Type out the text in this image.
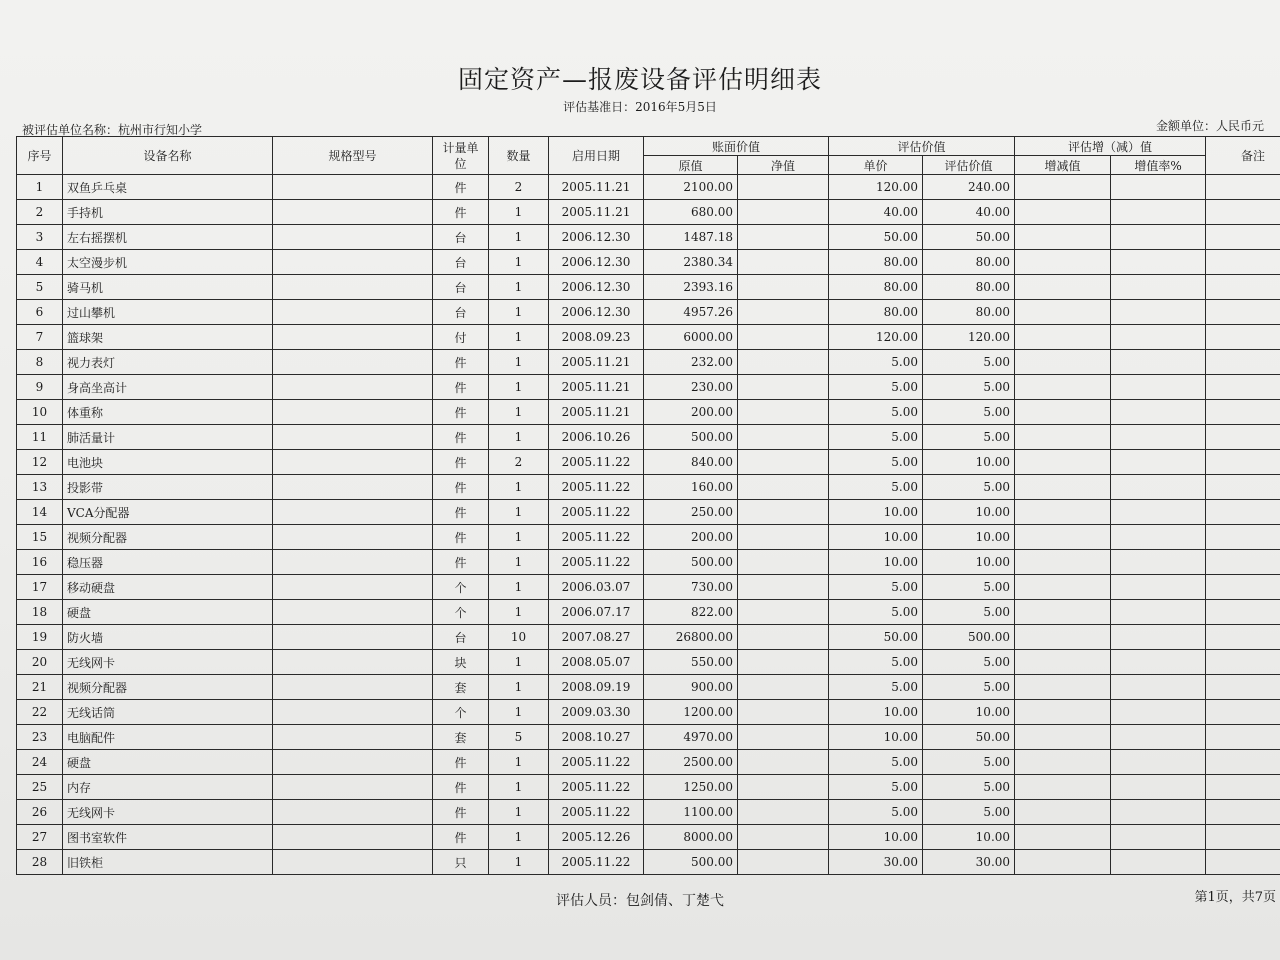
固定资产—报废设备评估明细表
评估基准日：2016年5月5日
被评估单位名称：杭州市行知小学	金额单位：人民币元
序号	设备名称	规格型号	计量单位	数量	启用日期	账面价值		评估价值		评估增（减）值		备注
						原值	净值	单价	评估价值	增减值	增值率%	
1	双鱼乒乓桌		件	2	2005.11.21	2100.00		120.00	240.00			
2	手持机		件	1	2005.11.21	680.00		40.00	40.00			
3	左右摇摆机		台	1	2006.12.30	1487.18		50.00	50.00			
4	太空漫步机		台	1	2006.12.30	2380.34		80.00	80.00			
5	骑马机		台	1	2006.12.30	2393.16		80.00	80.00			
6	过山攀机		台	1	2006.12.30	4957.26		80.00	80.00			
7	篮球架		付	1	2008.09.23	6000.00		120.00	120.00			
8	视力表灯		件	1	2005.11.21	232.00		5.00	5.00			
9	身高坐高计		件	1	2005.11.21	230.00		5.00	5.00			
10	体重称		件	1	2005.11.21	200.00		5.00	5.00			
11	肺活量计		件	1	2006.10.26	500.00		5.00	5.00			
12	电池块		件	2	2005.11.22	840.00		5.00	10.00			
13	投影带		件	1	2005.11.22	160.00		5.00	5.00			
14	VCA分配器		件	1	2005.11.22	250.00		10.00	10.00			
15	视频分配器		件	1	2005.11.22	200.00		10.00	10.00			
16	稳压器		件	1	2005.11.22	500.00		10.00	10.00			
17	移动硬盘		个	1	2006.03.07	730.00		5.00	5.00			
18	硬盘		个	1	2006.07.17	822.00		5.00	5.00			
19	防火墙		台	10	2007.08.27	26800.00		50.00	500.00			
20	无线网卡		块	1	2008.05.07	550.00		5.00	5.00			
21	视频分配器		套	1	2008.09.19	900.00		5.00	5.00			
22	无线话筒		个	1	2009.03.30	1200.00		10.00	10.00			
23	电脑配件		套	5	2008.10.27	4970.00		10.00	50.00			
24	硬盘		件	1	2005.11.22	2500.00		5.00	5.00			
25	内存		件	1	2005.11.22	1250.00		5.00	5.00			
26	无线网卡		件	1	2005.11.22	1100.00		5.00	5.00			
27	图书室软件		件	1	2005.12.26	8000.00		10.00	10.00			
28	旧铁柜		只	1	2005.11.22	500.00		30.00	30.00			
评估人员：包剑倩、丁楚弋	第1页，共7页
